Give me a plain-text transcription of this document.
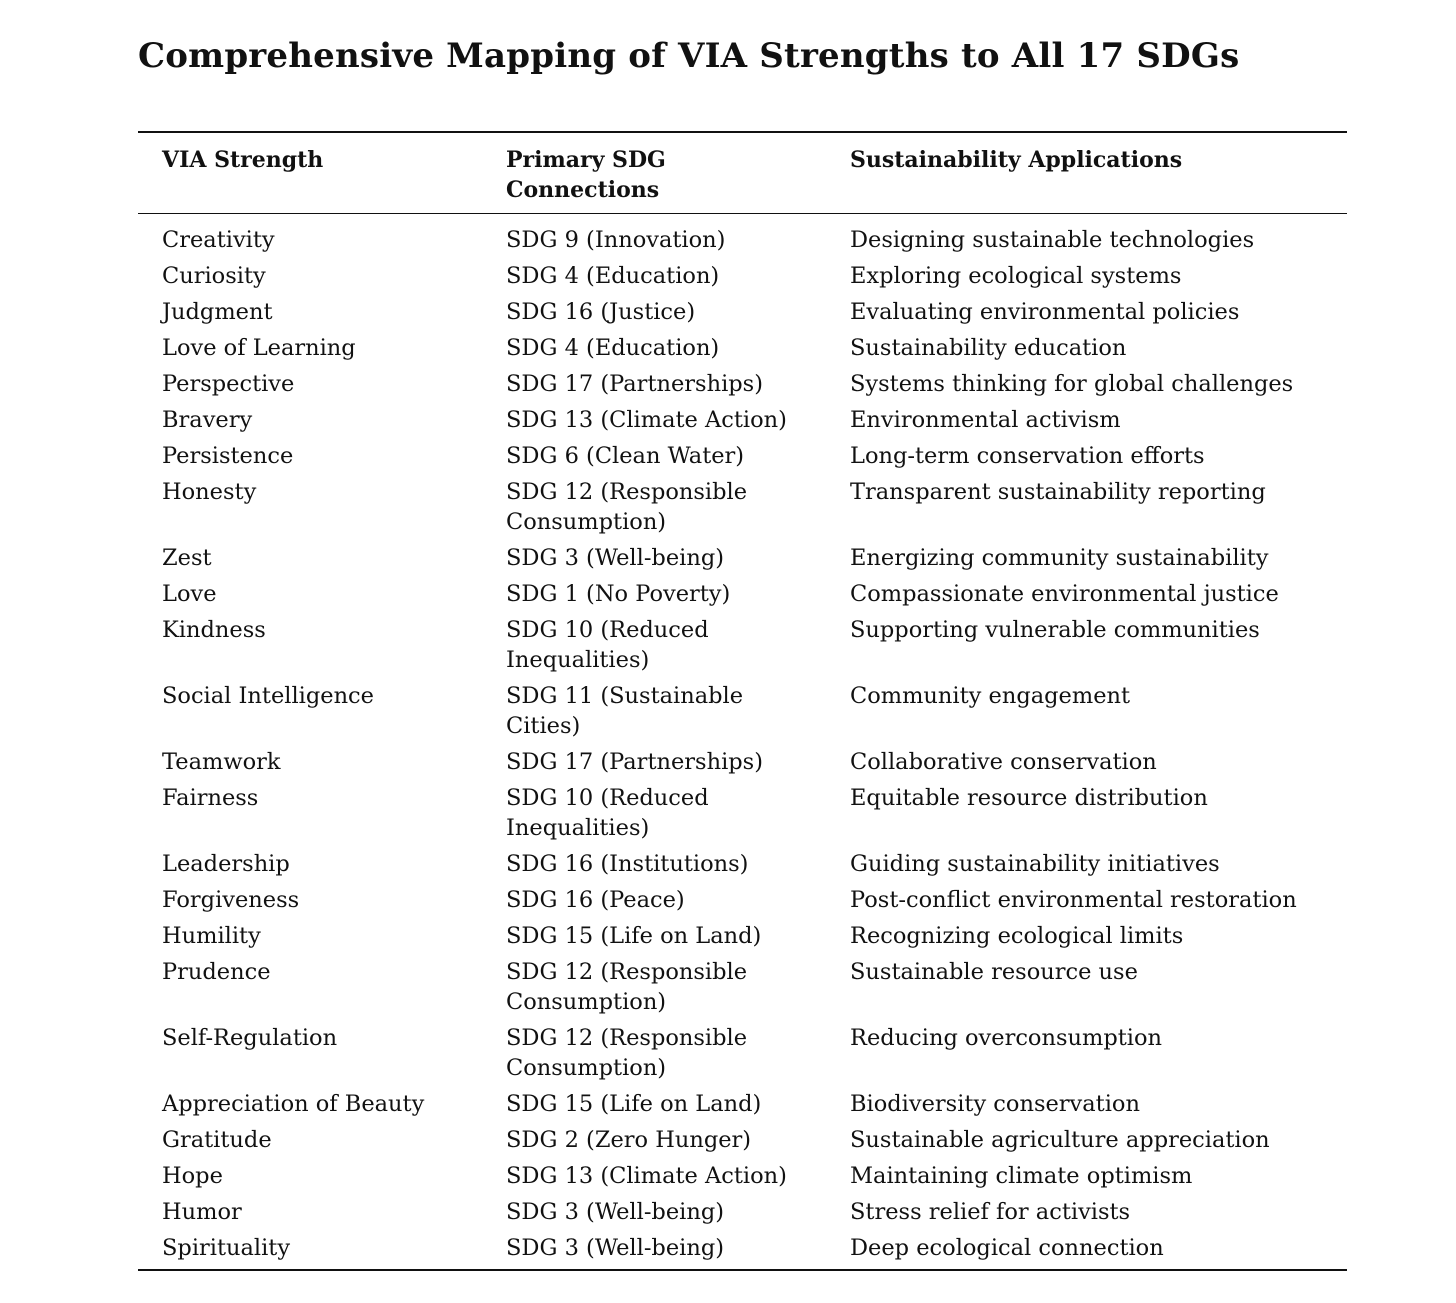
Comprehensive Mapping of VIA Strengths to All 17 SDGs
VIA Strength	Primary SDG Connections	Sustainability Applications
Creativity	SDG 9 (Innovation)	Designing sustainable technologies
Curiosity	SDG 4 (Education)	Exploring ecological systems
Judgment	SDG 16 (Justice)	Evaluating environmental policies
Love of Learning	SDG 4 (Education)	Sustainability education
Perspective	SDG 17 (Partnerships)	Systems thinking for global challenges
Bravery	SDG 13 (Climate Action)	Environmental activism
Persistence	SDG 6 (Clean Water)	Long-term conservation efforts
Honesty	SDG 12 (Responsible Consumption)	Transparent sustainability reporting
Zest	SDG 3 (Well-being)	Energizing community sustainability
Love	SDG 1 (No Poverty)	Compassionate environmental justice
Kindness	SDG 10 (Reduced Inequalities)	Supporting vulnerable communities
Social Intelligence	SDG 11 (Sustainable Cities)	Community engagement
Teamwork	SDG 17 (Partnerships)	Collaborative conservation
Fairness	SDG 10 (Reduced Inequalities)	Equitable resource distribution
Leadership	SDG 16 (Institutions)	Guiding sustainability initiatives
Forgiveness	SDG 16 (Peace)	Post-conflict environmental restoration
Humility	SDG 15 (Life on Land)	Recognizing ecological limits
Prudence	SDG 12 (Responsible Consumption)	Sustainable resource use
Self-Regulation	SDG 12 (Responsible Consumption)	Reducing overconsumption
Appreciation of Beauty	SDG 15 (Life on Land)	Biodiversity conservation
Gratitude	SDG 2 (Zero Hunger)	Sustainable agriculture appreciation
Hope	SDG 13 (Climate Action)	Maintaining climate optimism
Humor	SDG 3 (Well-being)	Stress relief for activists
Spirituality	SDG 3 (Well-being)	Deep ecological connection
